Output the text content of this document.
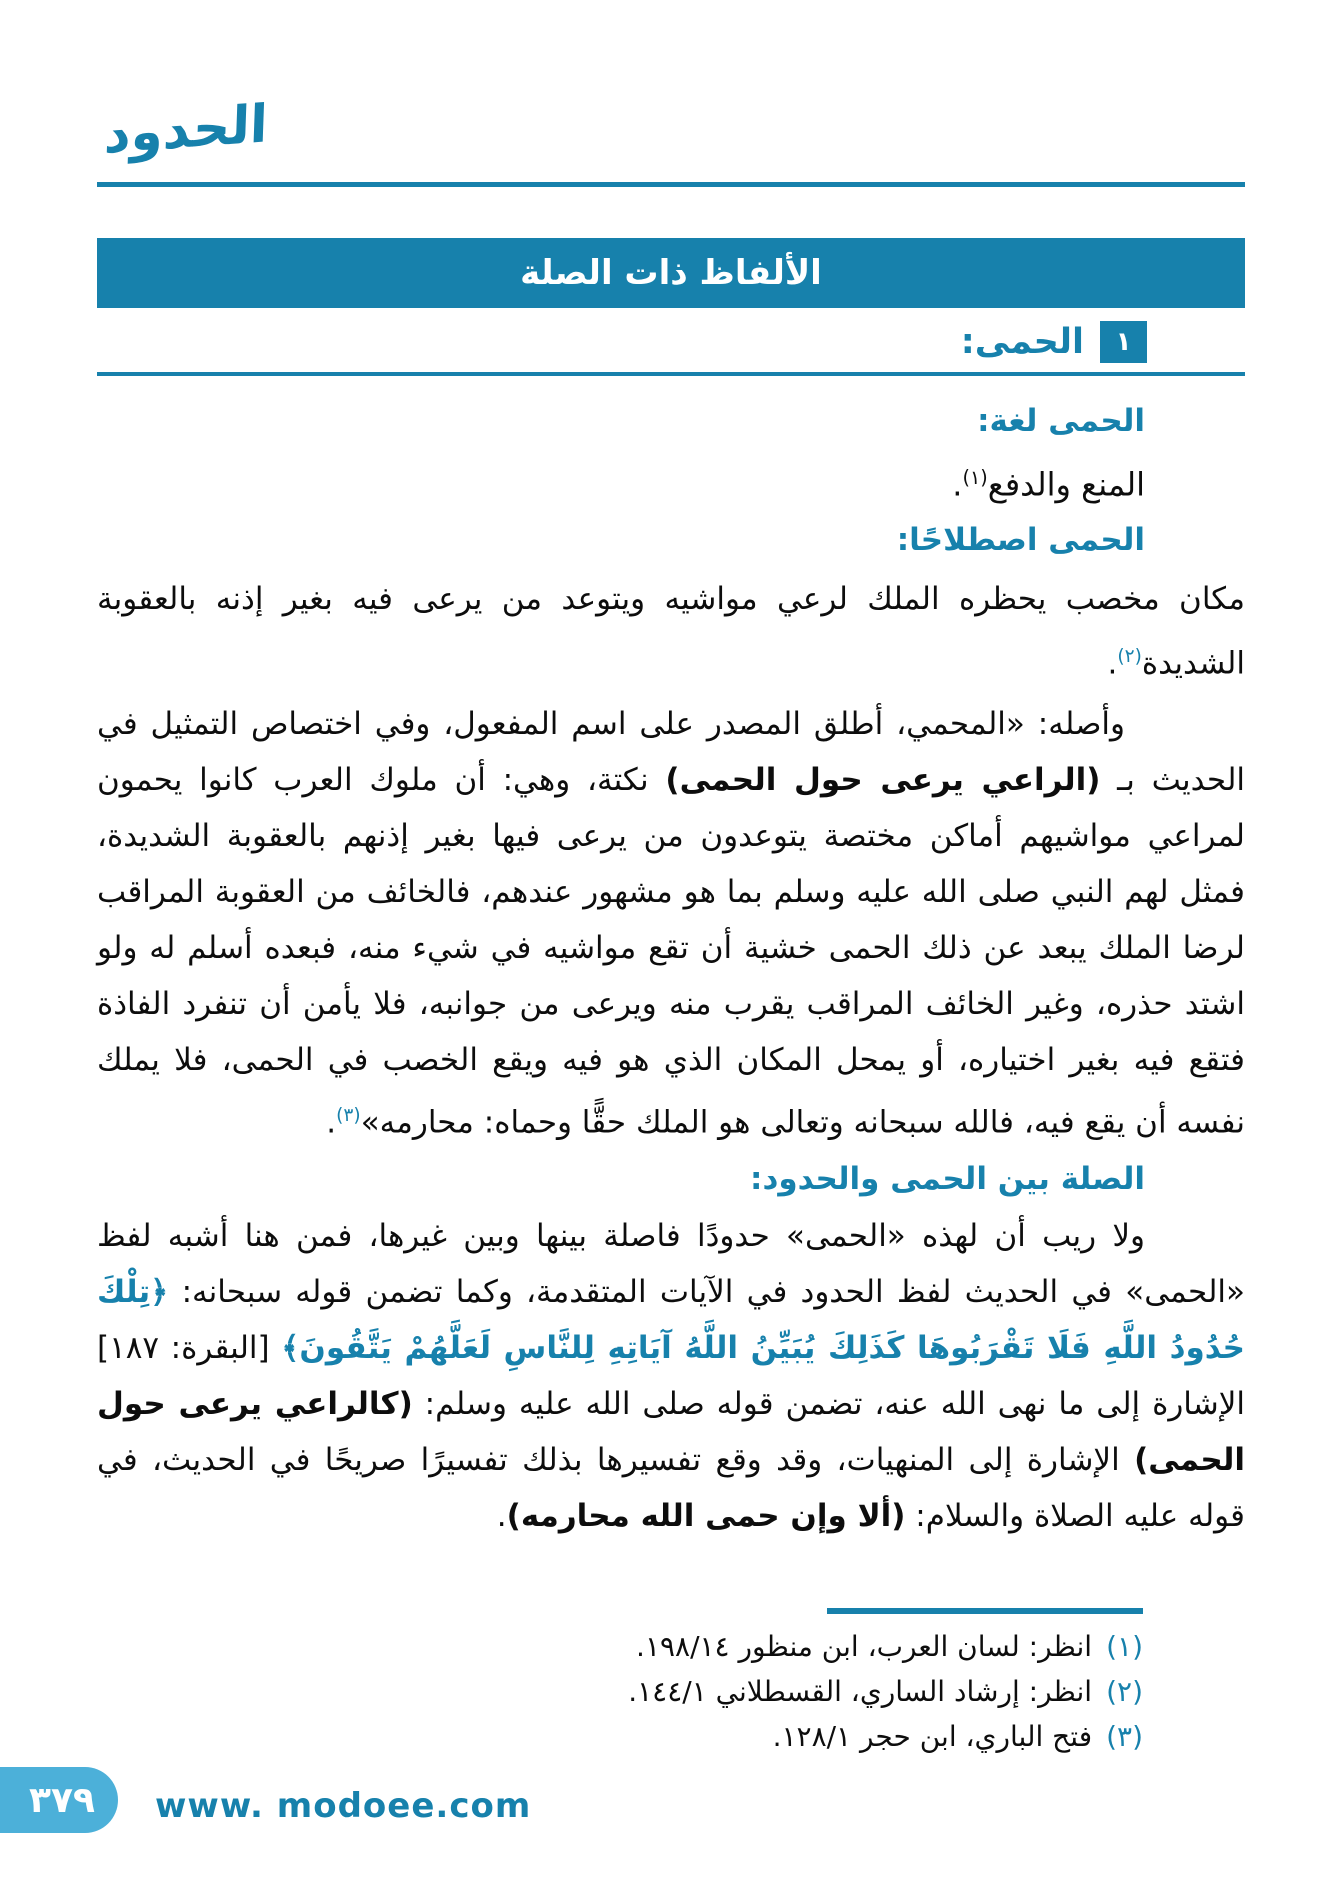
الحدود
الألفاظ ذات الصلة
١
الحمى:
الحمى لغة:
المنع والدفع$^{(١)}$.
الحمى اصطلاحًا:

مكان مخصب يحظره الملك لرعي مواشيه ويتوعد من يرعى فيه بغير إذنه بالعقوبة الشديدة$^{(٢)}$.

وأصله: «المحمي، أطلق المصدر على اسم المفعول، وفي اختصاص التمثيل في الحديث بـ (الراعي يرعى حول الحمى) نكتة، وهي: أن ملوك العرب كانوا يحمون لمراعي مواشيهم أماكن مختصة يتوعدون من يرعى فيها بغير إذنهم بالعقوبة الشديدة، فمثل لهم النبي صلى الله عليه وسلم بما هو مشهور عندهم، فالخائف من العقوبة المراقب لرضا الملك يبعد عن ذلك الحمى خشية أن تقع مواشيه في شيء منه، فبعده أسلم له ولو اشتد حذره، وغير الخائف المراقب يقرب منه ويرعى من جوانبه، فلا يأمن أن تنفرد الفاذة فتقع فيه بغير اختياره، أو يمحل المكان الذي هو فيه ويقع الخصب في الحمى، فلا يملك نفسه أن يقع فيه، فالله سبحانه وتعالى هو الملك حقًّا وحماه: محارمه»$^{(٣)}$.

الصلة بين الحمى والحدود:

ولا ريب أن لهذه «الحمى» حدودًا فاصلة بينها وبين غيرها، فمن هنا أشبه لفظ «الحمى» في الحديث لفظ الحدود في الآيات المتقدمة، وكما تضمن قوله سبحانه: ﴿تِلْكَ حُدُودُ اللَّهِ فَلَا تَقْرَبُوهَا كَذَلِكَ يُبَيِّنُ اللَّهُ آيَاتِهِ لِلنَّاسِ لَعَلَّهُمْ يَتَّقُونَ﴾ [البقرة: ١٨٧] الإشارة إلى ما نهى الله عنه، تضمن قوله صلى الله عليه وسلم: (كالراعي يرعى حول الحمى) الإشارة إلى المنهيات، وقد وقع تفسيرها بذلك تفسيرًا صريحًا في الحديث، في قوله عليه الصلاة والسلام: (ألا وإن حمى الله محارمه).

(١)
انظر: لسان العرب، ابن منظور ١٩٨/١٤.
(٢)
انظر: إرشاد الساري، القسطلاني ١٤٤/١.
(٣)
فتح الباري، ابن حجر ١٢٨/١.
٣٧٩ www. modoee.com
